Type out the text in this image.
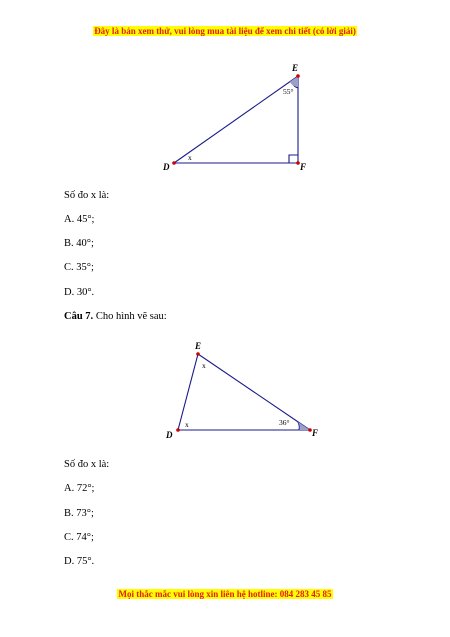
Đây là bản xem thử, vui lòng mua tài liệu để xem chi tiết (có lời giải)
E
D	F
55°
x
E
D	F
x
x	36°
Số đo x là:
A. 45°;
B. 40°;
C. 35°;
D. 30°.
Câu 7. Cho hình vẽ sau:
Số đo x là:
A. 72°;
B. 73°;
C. 74°;
D. 75°.
Mọi thắc mắc vui lòng xin liên hệ hotline: 084 283 45 85
